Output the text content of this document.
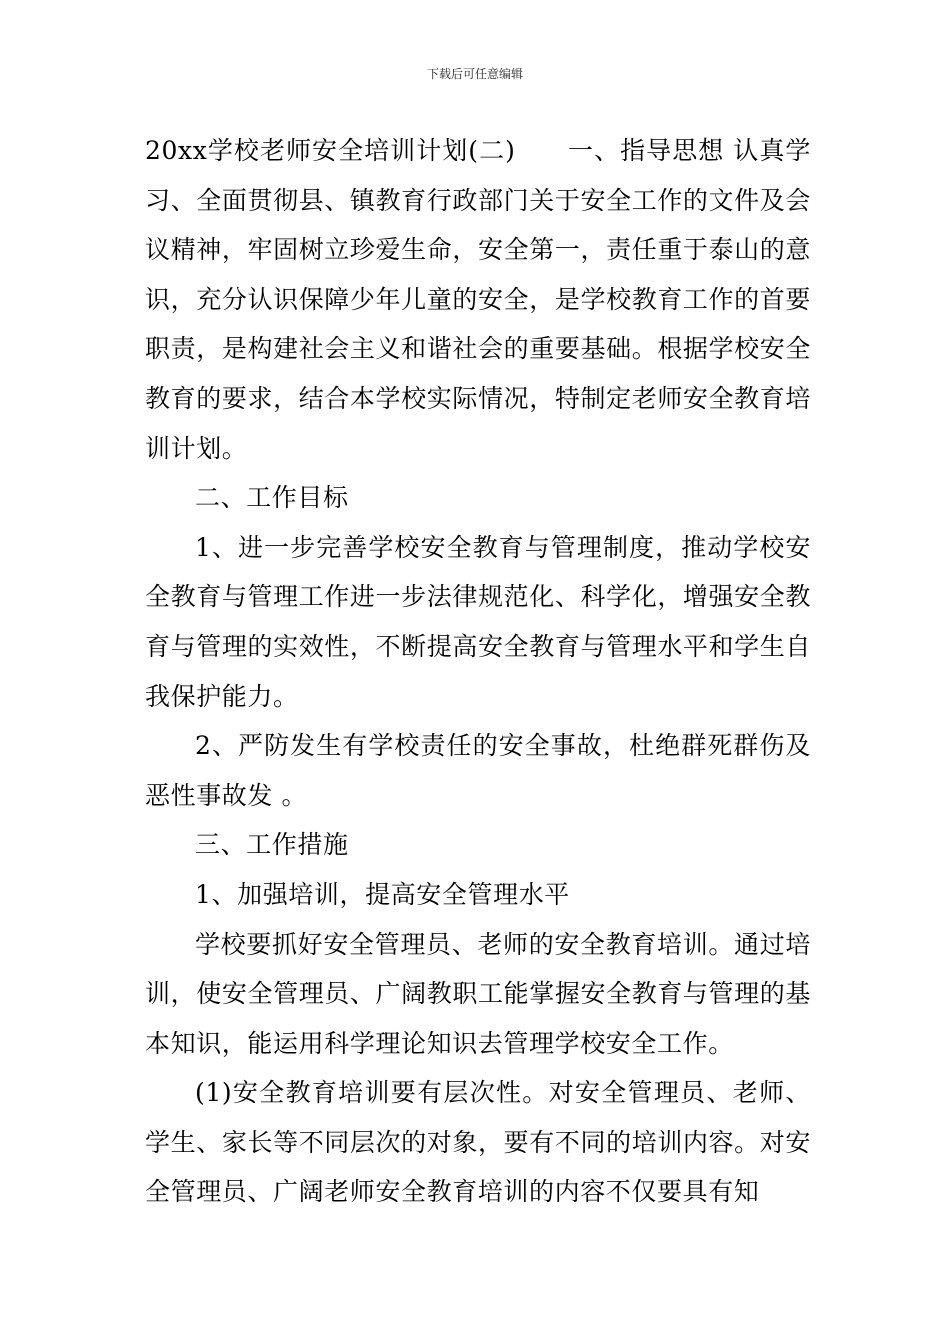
下载后可任意编辑

20xx学校老师安全培训计划(二)　　一、指导思想 认真学习、全面贯彻县、镇教育行政部门关于安全工作的文件及会议精神，牢固树立珍爱生命，安全第一，责任重于泰山的意识，充分认识保障少年儿童的安全，是学校教育工作的首要职责，是构建社会主义和谐社会的重要基础。根据学校安全教育的要求，结合本学校实际情况，特制定老师安全教育培训计划。

二、工作目标

1、进一步完善学校安全教育与管理制度，推动学校安全教育与管理工作进一步法律规范化、科学化，增强安全教育与管理的实效性，不断提高安全教育与管理水平和学生自我保护能力。

2、严防发生有学校责任的安全事故，杜绝群死群伤及恶性事故发 。

三、工作措施

1、加强培训，提高安全管理水平

学校要抓好安全管理员、老师的安全教育培训。通过培训，使安全管理员、广阔教职工能掌握安全教育与管理的基本知识，能运用科学理论知识去管理学校安全工作。

(1)安全教育培训要有层次性。对安全管理员、老师、学生、家长等不同层次的对象，要有不同的培训内容。对安全管理员、广阔老师安全教育培训的内容不仅要具有知
